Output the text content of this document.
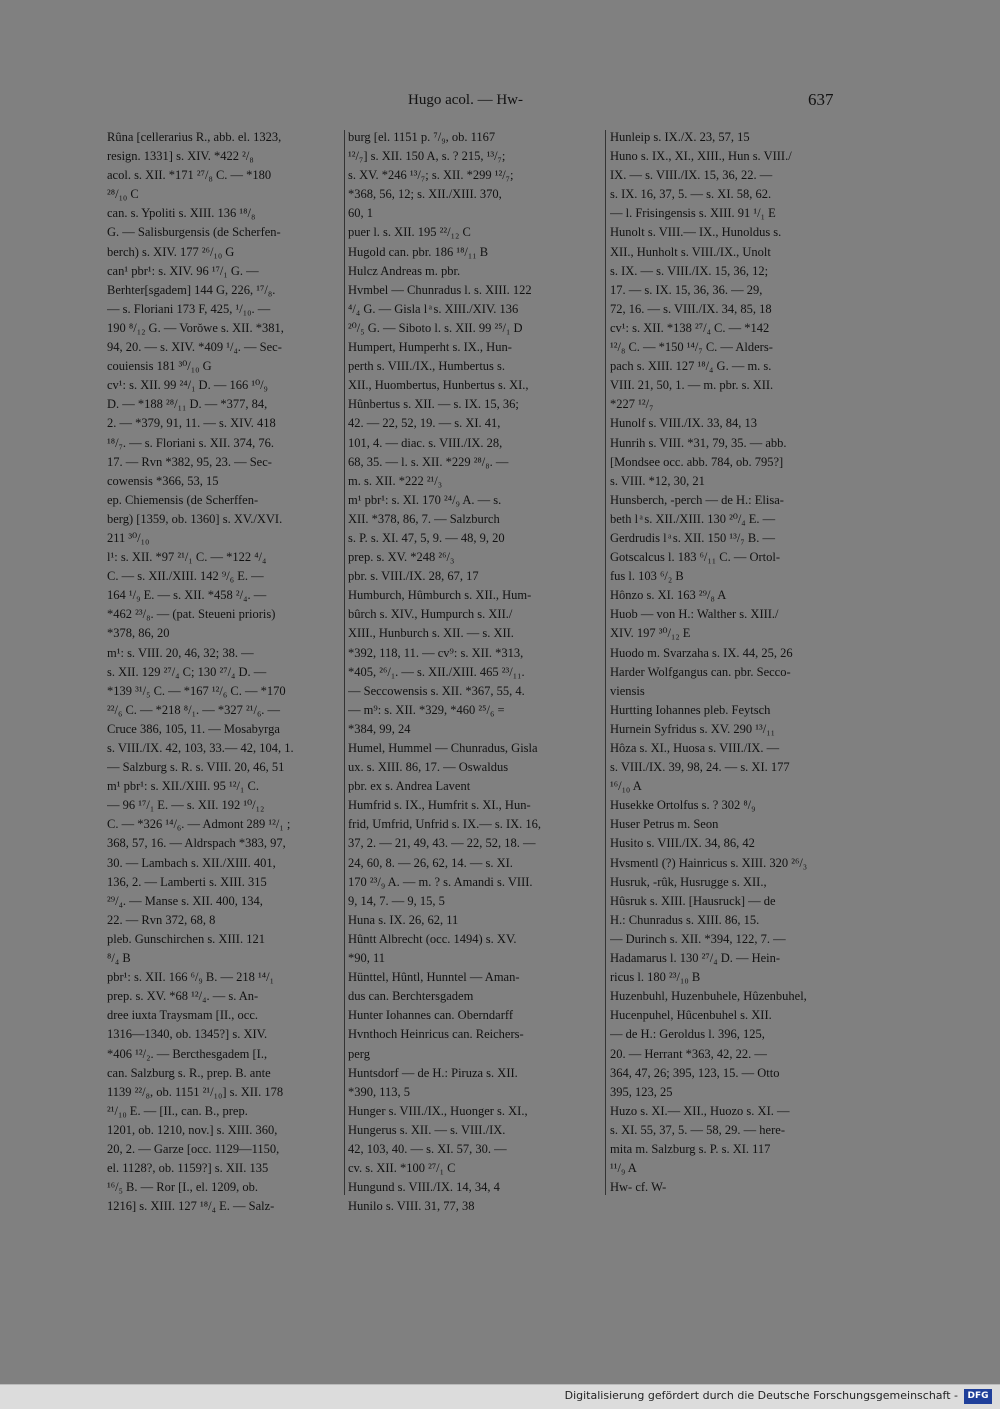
Hugo acol. — Hw-	637
Rûna [cellerarius R., abb. el. 1323,
resign. 1331] s. XIV. *422 ²/₈
acol. s. XII. *171 ²⁷/₈ C. — *180
²⁸/₁₀ C
can. s. Ypoliti s. XIII. 136 ¹⁸/₈
G. — Salisburgensis (de Scherfen-
berch) s. XIV. 177 ²⁶/₁₀ G
can¹ pbr¹: s. XIV. 96 ¹⁷/₁ G. —
Berhter[sgadem] 144 G, 226, ¹⁷/₈.
— s. Floriani 173 F, 425, ¹/₁₀. —
190 ⁸/₁₂ G. — Vorŏwe s. XII. *381,
94, 20. — s. XIV. *409 ¹/₄. — Sec-
couiensis 181 ³⁰/₁₀ G
cv¹: s. XII. 99 ²⁴/₁ D. — 166 ¹⁰/₉
D. — *188 ²⁸/₁₁ D. — *377, 84,
2. — *379, 91, 11. — s. XIV. 418
¹⁸/₇. — s. Floriani s. XII. 374, 76.
17. — Rvn *382, 95, 23. — Sec-
cowensis *366, 53, 15
ep. Chiemensis (de Scherffen-
berg) [1359, ob. 1360] s. XV./XVI.
211 ³⁰/₁₀
l¹: s. XII. *97 ²¹/₁ C. — *122 ⁴/₄
C. — s. XII./XIII. 142 ⁹/₆ E. —
164 ¹/₉ E. — s. XII. *458 ²/₄. —
*462 ²³/₈. — (pat. Steueni prioris)
*378, 86, 20
m¹: s. VIII. 20, 46, 32; 38. —
s. XII. 129 ²⁷/₄ C; 130 ²⁷/₄ D. —
*139 ³¹/₅ C. — *167 ¹²/₆ C. — *170
²²/₆ C. — *218 ⁸/₁. — *327 ²¹/₆. —
Cruce 386, 105, 11. — Mosabyrga
s. VIII./IX. 42, 103, 33.— 42, 104, 1.
— Salzburg s. R. s. VIII. 20, 46, 51
m¹ pbr¹: s. XII./XIII. 95 ¹²/₁ C.
— 96 ¹⁷/₁ E. — s. XII. 192 ¹⁰/₁₂
C. — *326 ¹⁴/₆. — Admont 289 ¹²/₁ ;
368, 57, 16. — Aldrspach *383, 97,
30. — Lambach s. XII./XIII. 401,
136, 2. — Lamberti s. XIII. 315
²⁹/₄. — Manse s. XII. 400, 134,
22. — Rvn 372, 68, 8
pleb. Gunschirchen s. XIII. 121
⁸/₄ B
pbr¹: s. XII. 166 ⁶/₉ B. — 218 ¹⁴/₁
prep. s. XV. *68 ¹²/₄. — s. An-
dree iuxta Traysmam [II., occ.
1316—1340, ob. 1345?] s. XIV.
*406 ¹²/₂. — Bercthesgadem [I.,
can. Salzburg s. R., prep. B. ante
1139 ²²/₈, ob. 1151 ²¹/₁₀] s. XII. 178
²¹/₁₀ E. — [II., can. B., prep.
1201, ob. 1210, nov.] s. XIII. 360,
20, 2. — Garze [occ. 1129—1150,
el. 1128?, ob. 1159?] s. XII. 135
¹⁶/₅ B. — Ror [I., el. 1209, ob.
1216] s. XIII. 127 ¹⁸/₄ E. — Salz-
burg [el. 1151 p. ⁷/₉, ob. 1167
¹²/₇] s. XII. 150 A, s. ? 215, ¹³/₇;
s. XV. *246 ¹³/₇; s. XII. *299 ¹²/₇;
*368, 56, 12; s. XII./XIII. 370,
60, 1
puer l. s. XII. 195 ²²/₁₂ C
Hugold can. pbr. 186 ¹⁸/₁₁ B
Hulcz Andreas m. pbr.
Hvmbel — Chunradus l. s. XIII. 122
⁴/₄ G. — Gisla l ͣ s. XIII./XIV. 136
²⁰/₅ G. — Siboto l. s. XII. 99 ²⁵/₁ D
Humpert, Humperht s. IX., Hun-
perth s. VIII./IX., Humbertus s.
XII., Huombertus, Hunbertus s. XI.,
Hûnbertus s. XII. — s. IX. 15, 36;
42. — 22, 52, 19. — s. XI. 41,
101, 4. — diac. s. VIII./IX. 28,
68, 35. — l. s. XII. *229 ²⁸/₈. —
m. s. XII. *222 ²¹/₃
m¹ pbr¹: s. XI. 170 ²⁴/₉ A. — s.
XII. *378, 86, 7. — Salzburch
s. P. s. XI. 47, 5, 9. — 48, 9, 20
prep. s. XV. *248 ²⁶/₃
pbr. s. VIII./IX. 28, 67, 17
Humburch, Hûmburch s. XII., Hum-
bûrch s. XIV., Humpurch s. XII./
XIII., Hunburch s. XII. — s. XII.
*392, 118, 11. — cv⁹: s. XII. *313,
*405, ²⁶/₁. — s. XII./XIII. 465 ²³/₁₁.
— Seccowensis s. XII. *367, 55, 4.
— m⁹: s. XII. *329, *460 ²⁵/₆ =
*384, 99, 24
Humel, Hummel — Chunradus, Gisla
ux. s. XIII. 86, 17. — Oswaldus
pbr. ex s. Andrea Lavent
Humfrid s. IX., Humfrit s. XI., Hun-
frid, Umfrid, Unfrid s. IX.— s. IX. 16,
37, 2. — 21, 49, 43. — 22, 52, 18. —
24, 60, 8. — 26, 62, 14. — s. XI.
170 ²³/₉ A. — m. ? s. Amandi s. VIII.
9, 14, 7. — 9, 15, 5
Huna s. IX. 26, 62, 11
Hûntt Albrecht (occ. 1494) s. XV.
*90, 11
Hünttel, Hûntl, Hunntel — Aman-
dus can. Berchtersgadem
Hunter Iohannes can. Oberndarff
Hvnthoch Heinricus can. Reichers-
perg
Huntsdorf — de H.: Piruza s. XII.
*390, 113, 5
Hunger s. VIII./IX., Huonger s. XI.,
Hungerus s. XII. — s. VIII./IX.
42, 103, 40. — s. XI. 57, 30. —
cv. s. XII. *100 ²⁷/₁ C
Hungund s. VIII./IX. 14, 34, 4
Hunilo s. VIII. 31, 77, 38
Hunleip s. IX./X. 23, 57, 15
Huno s. IX., XI., XIII., Hun s. VIII./
IX. — s. VIII./IX. 15, 36, 22. —
s. IX. 16, 37, 5. — s. XI. 58, 62.
— l. Frisingensis s. XIII. 91 ¹/₁ E
Hunolt s. VIII.— IX., Hunoldus s.
XII., Hunholt s. VIII./IX., Unolt
s. IX. — s. VIII./IX. 15, 36, 12;
17. — s. IX. 15, 36, 36. — 29,
72, 16. — s. VIII./IX. 34, 85, 18
cv¹: s. XII. *138 ²⁷/₄ C. — *142
¹²/₈ C. — *150 ¹⁴/₇ C. — Alders-
pach s. XIII. 127 ¹⁸/₄ G. — m. s.
VIII. 21, 50, 1. — m. pbr. s. XII.
*227 ¹²/₇
Hunolf s. VIII./IX. 33, 84, 13
Hunrih s. VIII. *31, 79, 35. — abb.
[Mondsee occ. abb. 784, ob. 795?]
s. VIII. *12, 30, 21
Hunsberch, -perch — de H.: Elisa-
beth l ͣ s. XII./XIII. 130 ²⁰/₄ E. —
Gerdrudis l ͣ s. XII. 150 ¹³/₇ B. —
Gotscalcus l. 183 ⁶/₁₁ C. — Ortol-
fus l. 103 ⁶/₂ B
Hônzo s. XI. 163 ²⁹/₈ A
Huob — von H.: Walther s. XIII./
XIV. 197 ³⁰/₁₂ E
Huodo m. Svarzaha s. IX. 44, 25, 26
Harder Wolfgangus can. pbr. Secco-
viensis
Hurtting Iohannes pleb. Feytsch
Hurnein Syfridus s. XV. 290 ¹³/₁₁
Hôza s. XI., Huosa s. VIII./IX. —
s. VIII./IX. 39, 98, 24. — s. XI. 177
¹⁶/₁₀ A
Husekke Ortolfus s. ? 302 ⁸/₉
Huser Petrus m. Seon
Husito s. VIII./IX. 34, 86, 42
Hvsmentl (?) Hainricus s. XIII. 320 ²⁶/₃
Husruk, -rûk, Husrugge s. XII.,
Hûsruk s. XIII. [Hausruck] — de
H.: Chunradus s. XIII. 86, 15.
— Durinch s. XII. *394, 122, 7. —
Hadamarus l. 130 ²⁷/₄ D. — Hein-
ricus l. 180 ²³/₁₀ B
Huzenbuhl, Huzenbuhele, Hûzenbuhel,
Hucenpuhel, Hûcenbuhel s. XII.
— de H.: Geroldus l. 396, 125,
20. — Herrant *363, 42, 22. —
364, 47, 26; 395, 123, 15. — Otto
395, 123, 25
Huzo s. XI.— XII., Huozo s. XI. —
s. XI. 55, 37, 5. — 58, 29. — here-
mita m. Salzburg s. P. s. XI. 117
¹¹/₉ A
Hw- cf. W-
Digitalisierung gefördert durch die Deutsche Forschungsgemeinschaft -	DFG
